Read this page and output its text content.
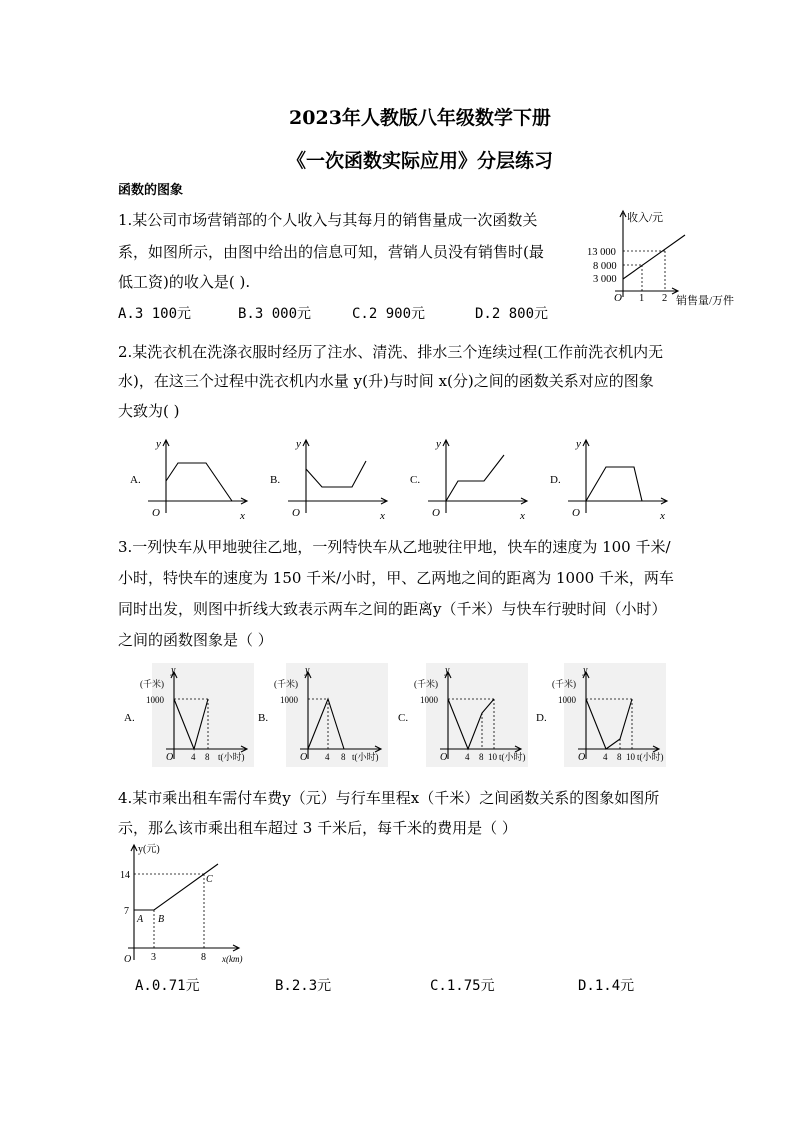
2023年人教版八年级数学下册
《一次函数实际应用》分层练习
函数的图象
1.某公司市场营销部的个人收入与其每月的销售量成一次函数关
系，如图所示，由图中给出的信息可知，营销人员没有销售时(最
低工资)的收入是( ).
A.3 100元	B.3 000元	C.2 900元	D.2 800元
收入/元
13 000
8 000
3 000
O 1 2 销售量/万件
2.某洗衣机在洗涤衣服时经历了注水、清洗、排水三个连续过程(工作前洗衣机内无
水)，在这三个过程中洗衣机内水量 y(升)与时间 x(分)之间的函数关系对应的图象
大致为( )
A.
y
O	x
B.
y
O	x
C.
y
O	x
D.
y
O	x
3.一列快车从甲地驶往乙地，一列特快车从乙地驶往甲地，快车的速度为 100 千米/
小时，特快车的速度为 150 千米/小时，甲、乙两地之间的距离为 1000 千米，两车
同时出发，则图中折线大致表示两车之间的距离y（千米）与快车行驶时间（小时）
之间的函数图象是（ ）
A.
y
(千米)
1000
O 4 8 t(小时)
B.
y
(千米)
1000
O 4 8 t(小时)
C.
y
(千米)
1000
O 4 8 10 t(小时)
D.
y
(千米)
1000
O 4 8 10 t(小时)
4.某市乘出租车需付车费y（元）与行车里程x（千米）之间函数关系的图象如图所
示，那么该市乘出租车超过 3 千米后，每千米的费用是（ ）
y(元)
14
7
A B
C
O 3	8 x(km)
A.0.71元	B.2.3元	C.1.75元	D.1.4元
